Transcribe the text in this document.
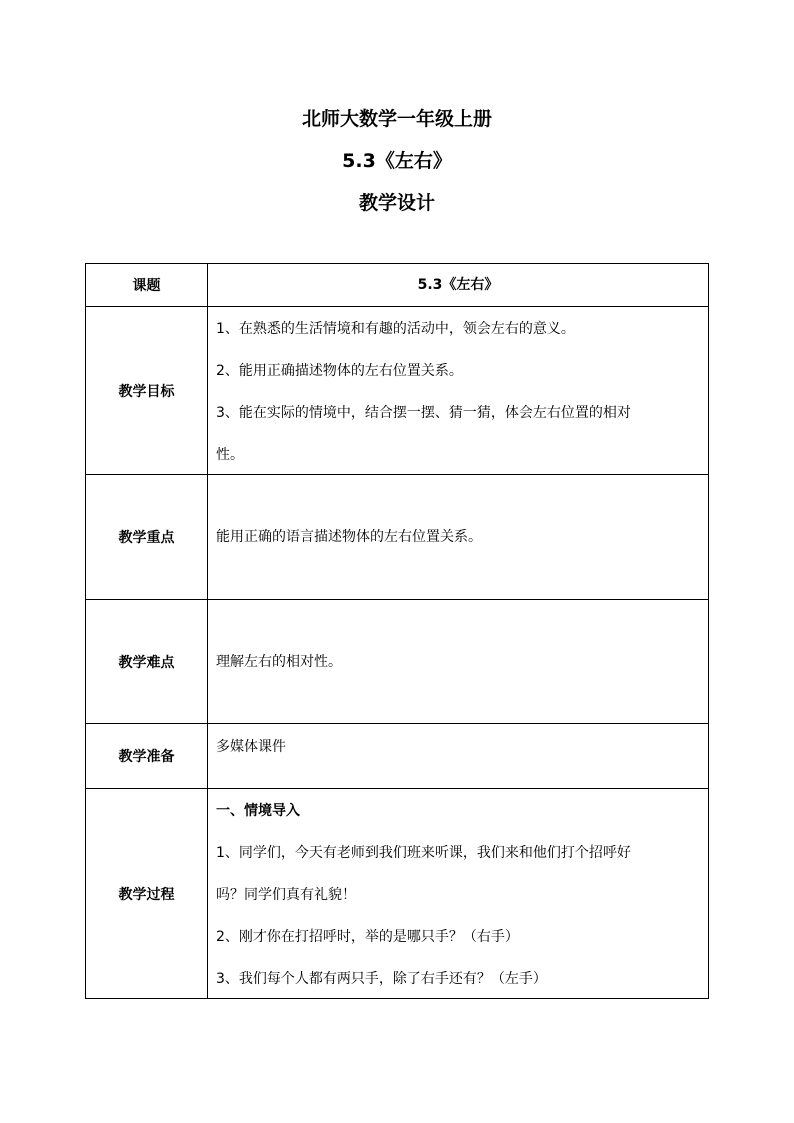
北师大数学一年级上册
5.3《左右》
教学设计
课题	5.3《左右》
教学目标	1、在熟悉的生活情境和有趣的活动中，领会左右的意义。

2、能用正确描述物体的左右位置关系。

3、能在实际的情境中，结合摆一摆、猜一猜，体会左右位置的相对

性。

教学重点	能用正确的语言描述物体的左右位置关系。
教学难点	理解左右的相对性。
教学准备	多媒体课件
教学过程	一、情境导入

1、同学们，今天有老师到我们班来听课，我们来和他们打个招呼好

吗？同学们真有礼貌！

2、刚才你在打招呼时，举的是哪只手？（右手）

3、我们每个人都有两只手，除了右手还有？（左手）
